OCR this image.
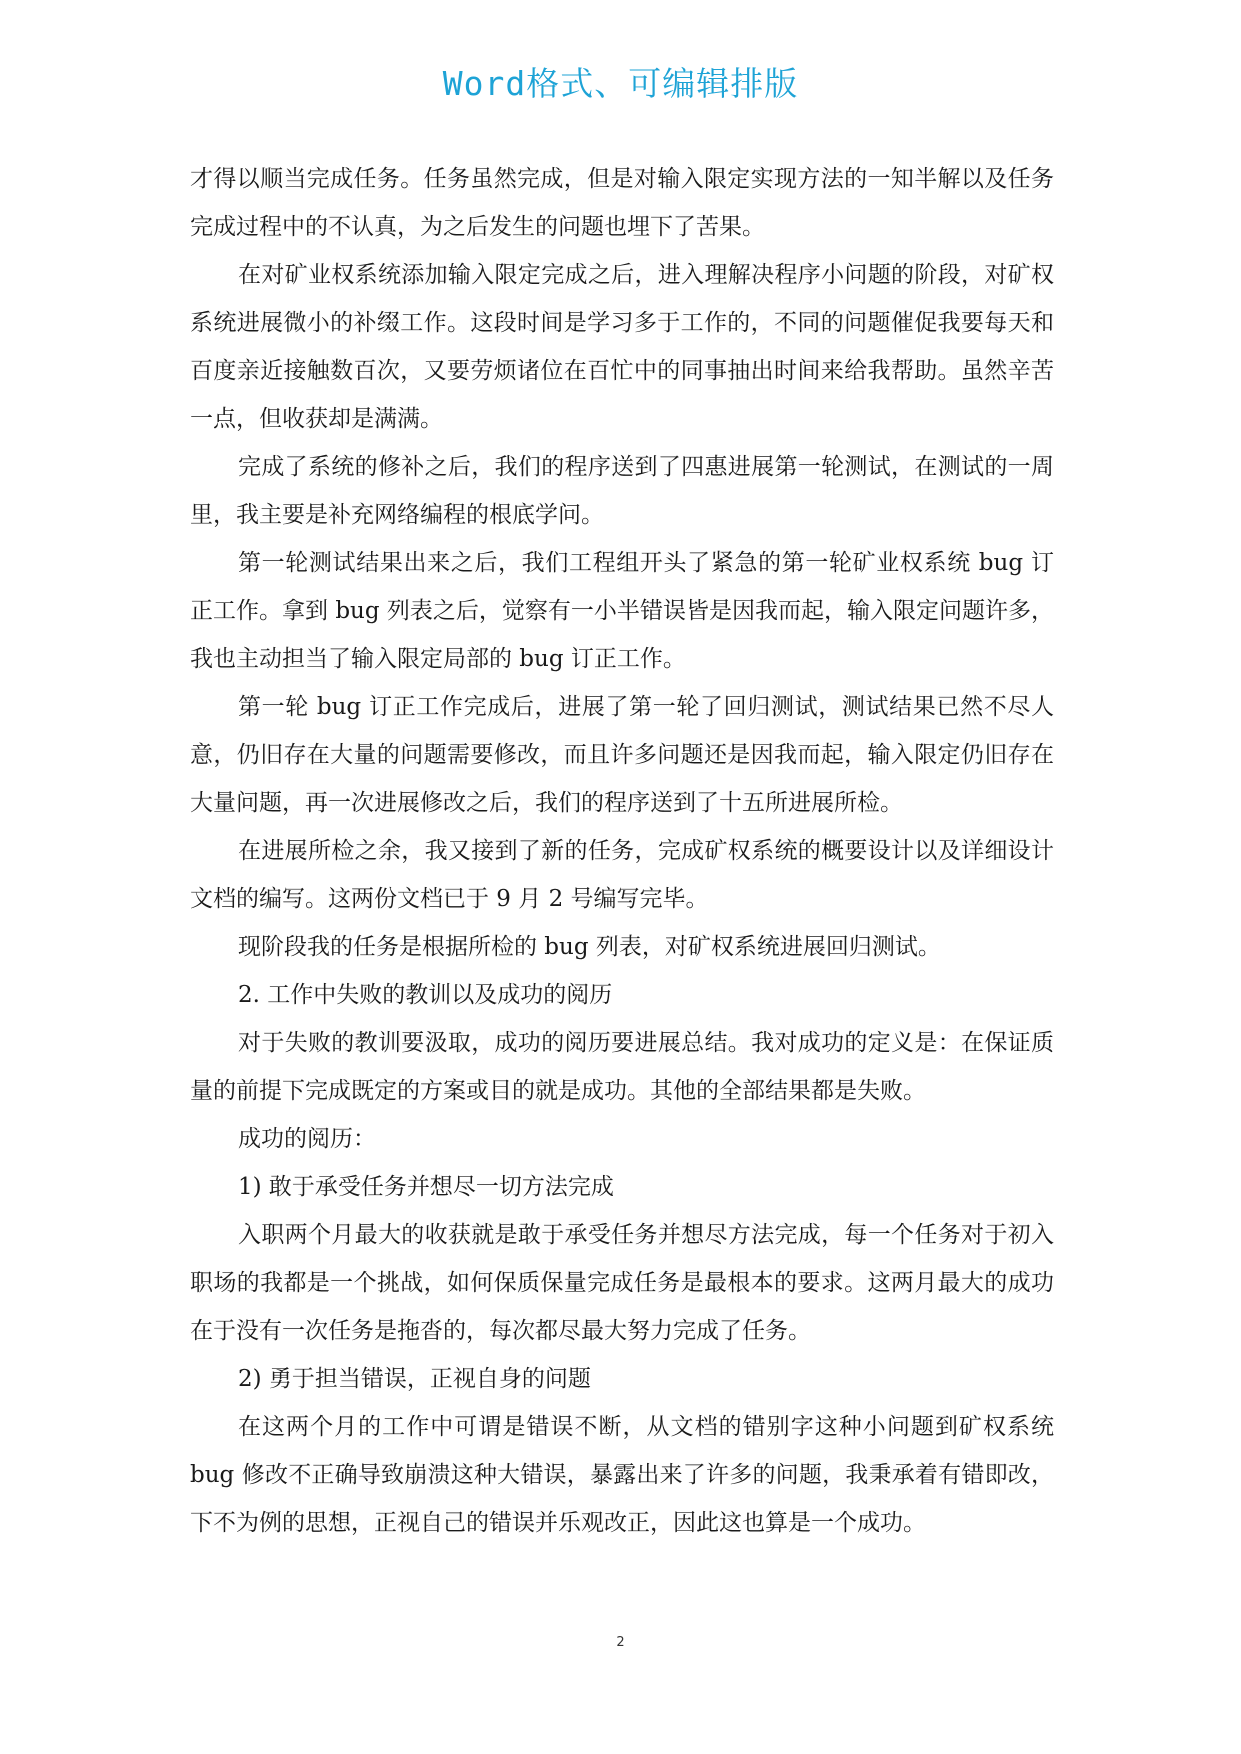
Word格式、可编辑排版

才得以顺当完成任务。任务虽然完成，但是对输入限定实现方法的一知半解以及任务完成过程中的不认真，为之后发生的问题也埋下了苦果。

在对矿业权系统添加输入限定完成之后，进入理解决程序小问题的阶段，对矿权系统进展微小的补缀工作。这段时间是学习多于工作的，不同的问题催促我要每天和百度亲近接触数百次，又要劳烦诸位在百忙中的同事抽出时间来给我帮助。虽然辛苦一点，但收获却是满满。

完成了系统的修补之后，我们的程序送到了四惠进展第一轮测试，在测试的一周里，我主要是补充网络编程的根底学问。

第一轮测试结果出来之后，我们工程组开头了紧急的第一轮矿业权系统 bug 订正工作。拿到 bug 列表之后，觉察有一小半错误皆是因我而起，输入限定问题许多，我也主动担当了输入限定局部的 bug 订正工作。

第一轮 bug 订正工作完成后，进展了第一轮了回归测试，测试结果已然不尽人意，仍旧存在大量的问题需要修改，而且许多问题还是因我而起，输入限定仍旧存在大量问题，再一次进展修改之后，我们的程序送到了十五所进展所检。

在进展所检之余，我又接到了新的任务，完成矿权系统的概要设计以及详细设计文档的编写。这两份文档已于 9 月 2 号编写完毕。

现阶段我的任务是根据所检的 bug 列表，对矿权系统进展回归测试。

2. 工作中失败的教训以及成功的阅历

对于失败的教训要汲取，成功的阅历要进展总结。我对成功的定义是：在保证质量的前提下完成既定的方案或目的就是成功。其他的全部结果都是失败。

成功的阅历：

1) 敢于承受任务并想尽一切方法完成

入职两个月最大的收获就是敢于承受任务并想尽方法完成，每一个任务对于初入职场的我都是一个挑战，如何保质保量完成任务是最根本的要求。这两月最大的成功在于没有一次任务是拖沓的，每次都尽最大努力完成了任务。

2) 勇于担当错误，正视自身的问题

在这两个月的工作中可谓是错误不断，从文档的错别字这种小问题到矿权系统 bug 修改不正确导致崩溃这种大错误，暴露出来了许多的问题，我秉承着有错即改，下不为例的思想，正视自己的错误并乐观改正，因此这也算是一个成功。

2
